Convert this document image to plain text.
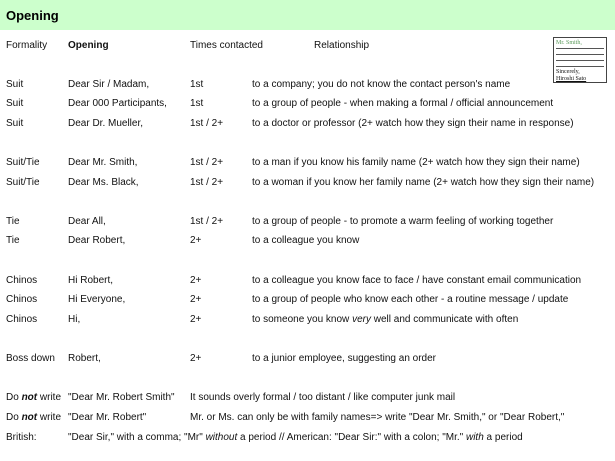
Opening
Formality Opening	Times contacted	Relationship	Mr. Smith,
Sincerely,
Hiroshi Sato
Suit	Dear Sir / Madam,	1st	to a company; you do not know the contact person's name
Suit	Dear 000 Participants, 1st	to a group of people - when making a formal / official announcement
Suit	Dear Dr. Mueller,	1st / 2+	to a doctor or professor (2+ watch how they sign their name in response)
Suit/Tie	Dear Mr. Smith,	1st / 2+	to a man if you know his family name (2+ watch how they sign their name)
Suit/Tie	Dear Ms. Black,	1st / 2+	to a woman if you know her family name (2+ watch how they sign their name)
Tie	Dear All,	1st / 2+	to a group of people - to promote a warm feeling of working together
Tie	Dear Robert,	2+	to a colleague you know
Chinos	Hi Robert,	2+	to a colleague you know face to face / have constant email communication
Chinos	Hi Everyone,	2+	to a group of people who know each other - a routine message / update
Chinos	Hi,	2+	to someone you know very well and communicate with often
Boss down Robert,	2+	to a junior employee, suggesting an order
Do not write "Dear Mr. Robert Smith" It sounds overly formal / too distant / like computer junk mail
Do not write "Dear Mr. Robert"	Mr. or Ms. can only be with family names=> write "Dear Mr. Smith," or "Dear Robert,"
British:	"Dear Sir," with a comma; "Mr" without a period // American: "Dear Sir:" with a colon; "Mr." with a period
